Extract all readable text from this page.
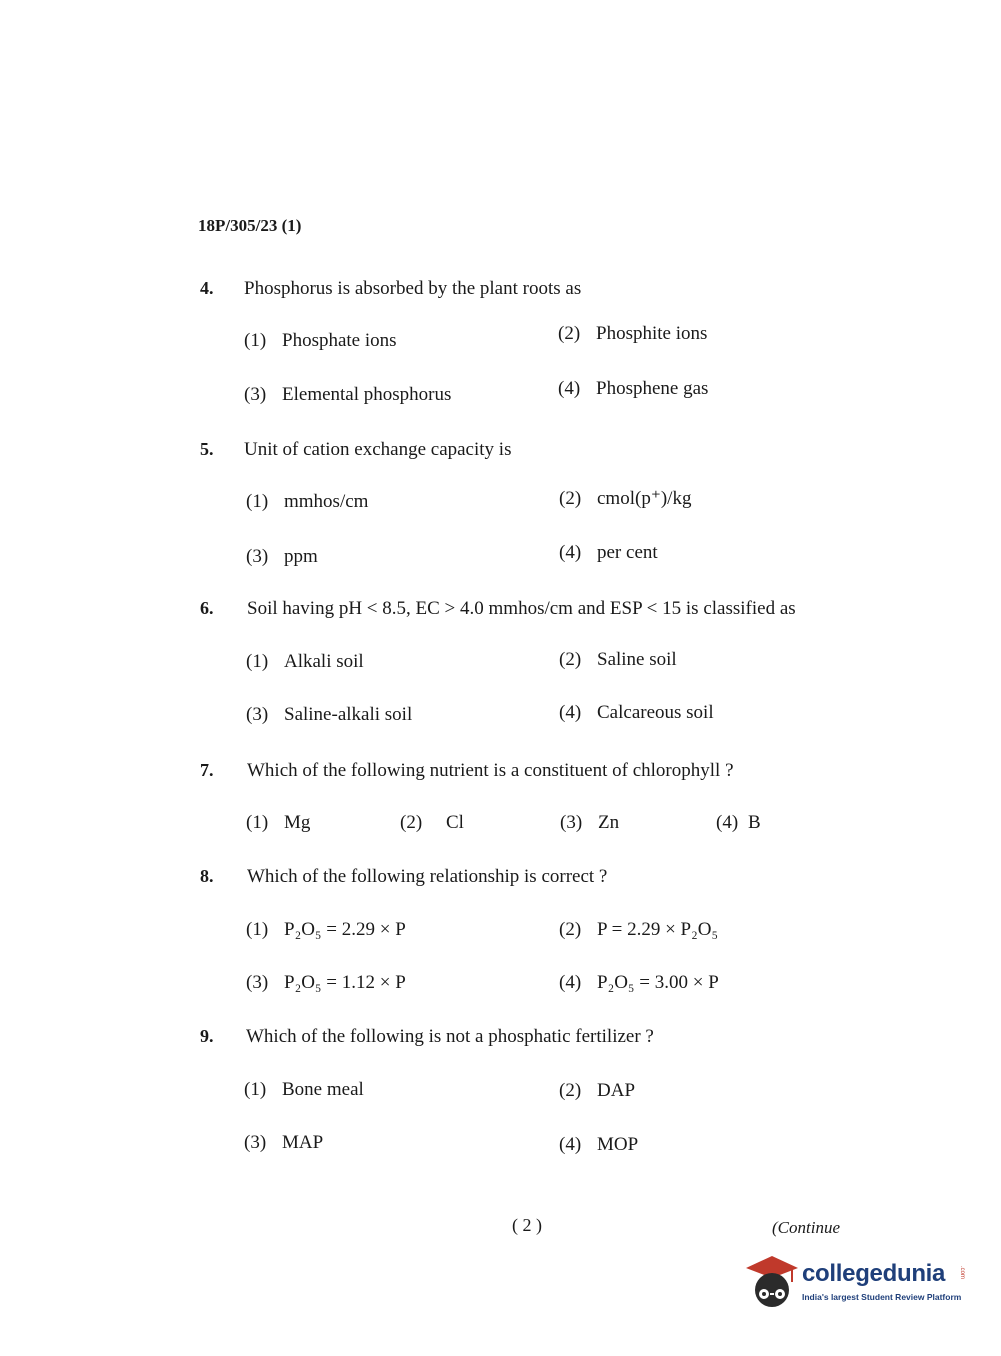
18P/305/23 (1)
4. Phosphorus is absorbed by the plant roots as
(1) Phosphate ions	(2) Phosphite ions
(3) Elemental phosphorus	(4) Phosphene gas
5. Unit of cation exchange capacity is
(1) mmhos/cm	(2) cmol(p⁺)/kg
(3) ppm	(4) per cent
6. Soil having pH < 8.5, EC > 4.0 mmhos/cm and ESP < 15 is classified as
(1) Alkali soil	(2) Saline soil
(3) Saline-alkali soil	(4) Calcareous soil
7. Which of the following nutrient is a constituent of chlorophyll ?
(1) Mg	(2) Cl	(3) Zn	(4) B
8. Which of the following relationship is correct ?
(1) P₂O₅ = 2.29 × P	(2) P = 2.29 × P₂O₅
(3) P₂O₅ = 1.12 × P	(4) P₂O₅ = 3.00 × P
9. Which of the following is not a phosphatic fertilizer ?
(1) Bone meal	(2) DAP
(3) MAP	(4) MOP
( 2 )	(Continue
collegedunia .com
India's largest Student Review Platform
